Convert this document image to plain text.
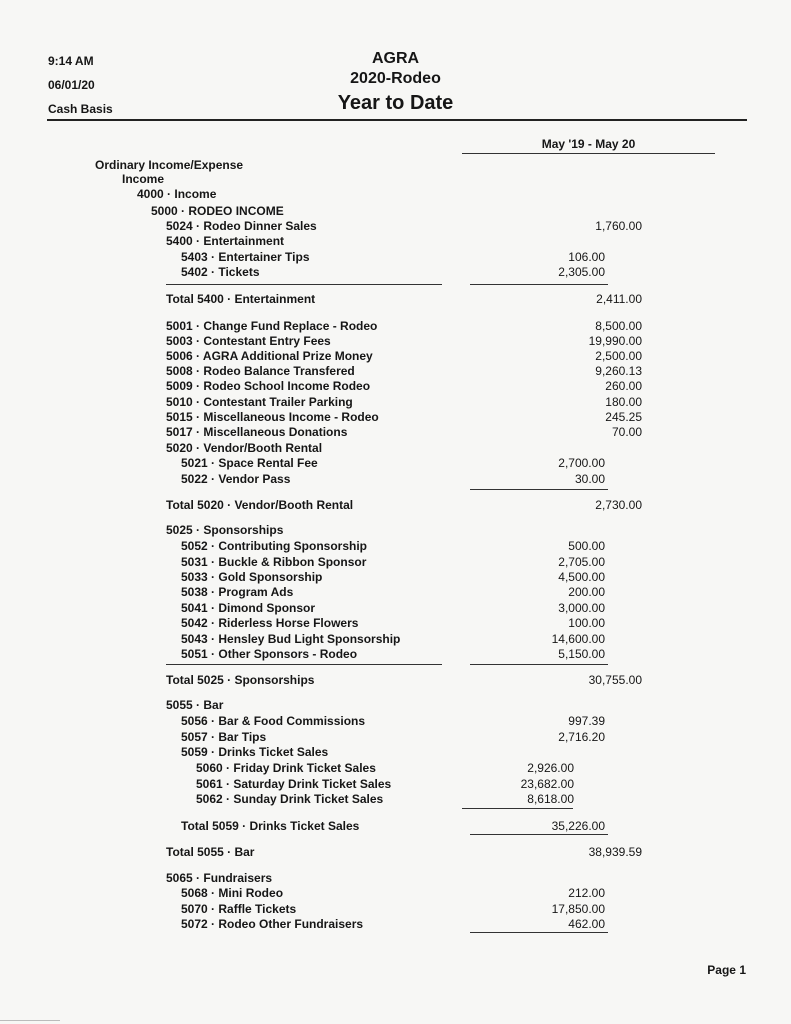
9:14 AM
06/01/20
Cash Basis
AGRA
2020-Rodeo
Year to Date
May '19 - May 20
Ordinary Income/Expense
Income
4000 · Income
5000 · RODEO INCOME
5024 · Rodeo Dinner Sales	1,760.00
5400 · Entertainment
5403 · Entertainer Tips	106.00
5402 · Tickets	2,305.00
Total 5400 · Entertainment	2,411.00
5001 · Change Fund Replace - Rodeo	8,500.00
5003 · Contestant Entry Fees	19,990.00
5006 · AGRA Additional Prize Money	2,500.00
5008 · Rodeo Balance Transfered	9,260.13
5009 · Rodeo School Income Rodeo	260.00
5010 · Contestant Trailer Parking	180.00
5015 · Miscellaneous Income - Rodeo	245.25
5017 · Miscellaneous Donations	70.00
5020 · Vendor/Booth Rental
5021 · Space Rental Fee	2,700.00
5022 · Vendor Pass	30.00
Total 5020 · Vendor/Booth Rental	2,730.00
5025 · Sponsorships
5052 · Contributing Sponsorship	500.00
5031 · Buckle & Ribbon Sponsor	2,705.00
5033 · Gold Sponsorship	4,500.00
5038 · Program Ads	200.00
5041 · Dimond Sponsor	3,000.00
5042 · Riderless Horse Flowers	100.00
5043 · Hensley Bud Light Sponsorship	14,600.00
5051 · Other Sponsors - Rodeo	5,150.00
Total 5025 · Sponsorships	30,755.00
5055 · Bar
5056 · Bar & Food Commissions	997.39
5057 · Bar Tips	2,716.20
5059 · Drinks Ticket Sales
5060 · Friday Drink Ticket Sales	2,926.00
5061 · Saturday Drink Ticket Sales	23,682.00
5062 · Sunday Drink Ticket Sales	8,618.00
Total 5059 · Drinks Ticket Sales	35,226.00
Total 5055 · Bar	38,939.59
5065 · Fundraisers
5068 · Mini Rodeo	212.00
5070 · Raffle Tickets	17,850.00
5072 · Rodeo Other Fundraisers	462.00
Page 1
